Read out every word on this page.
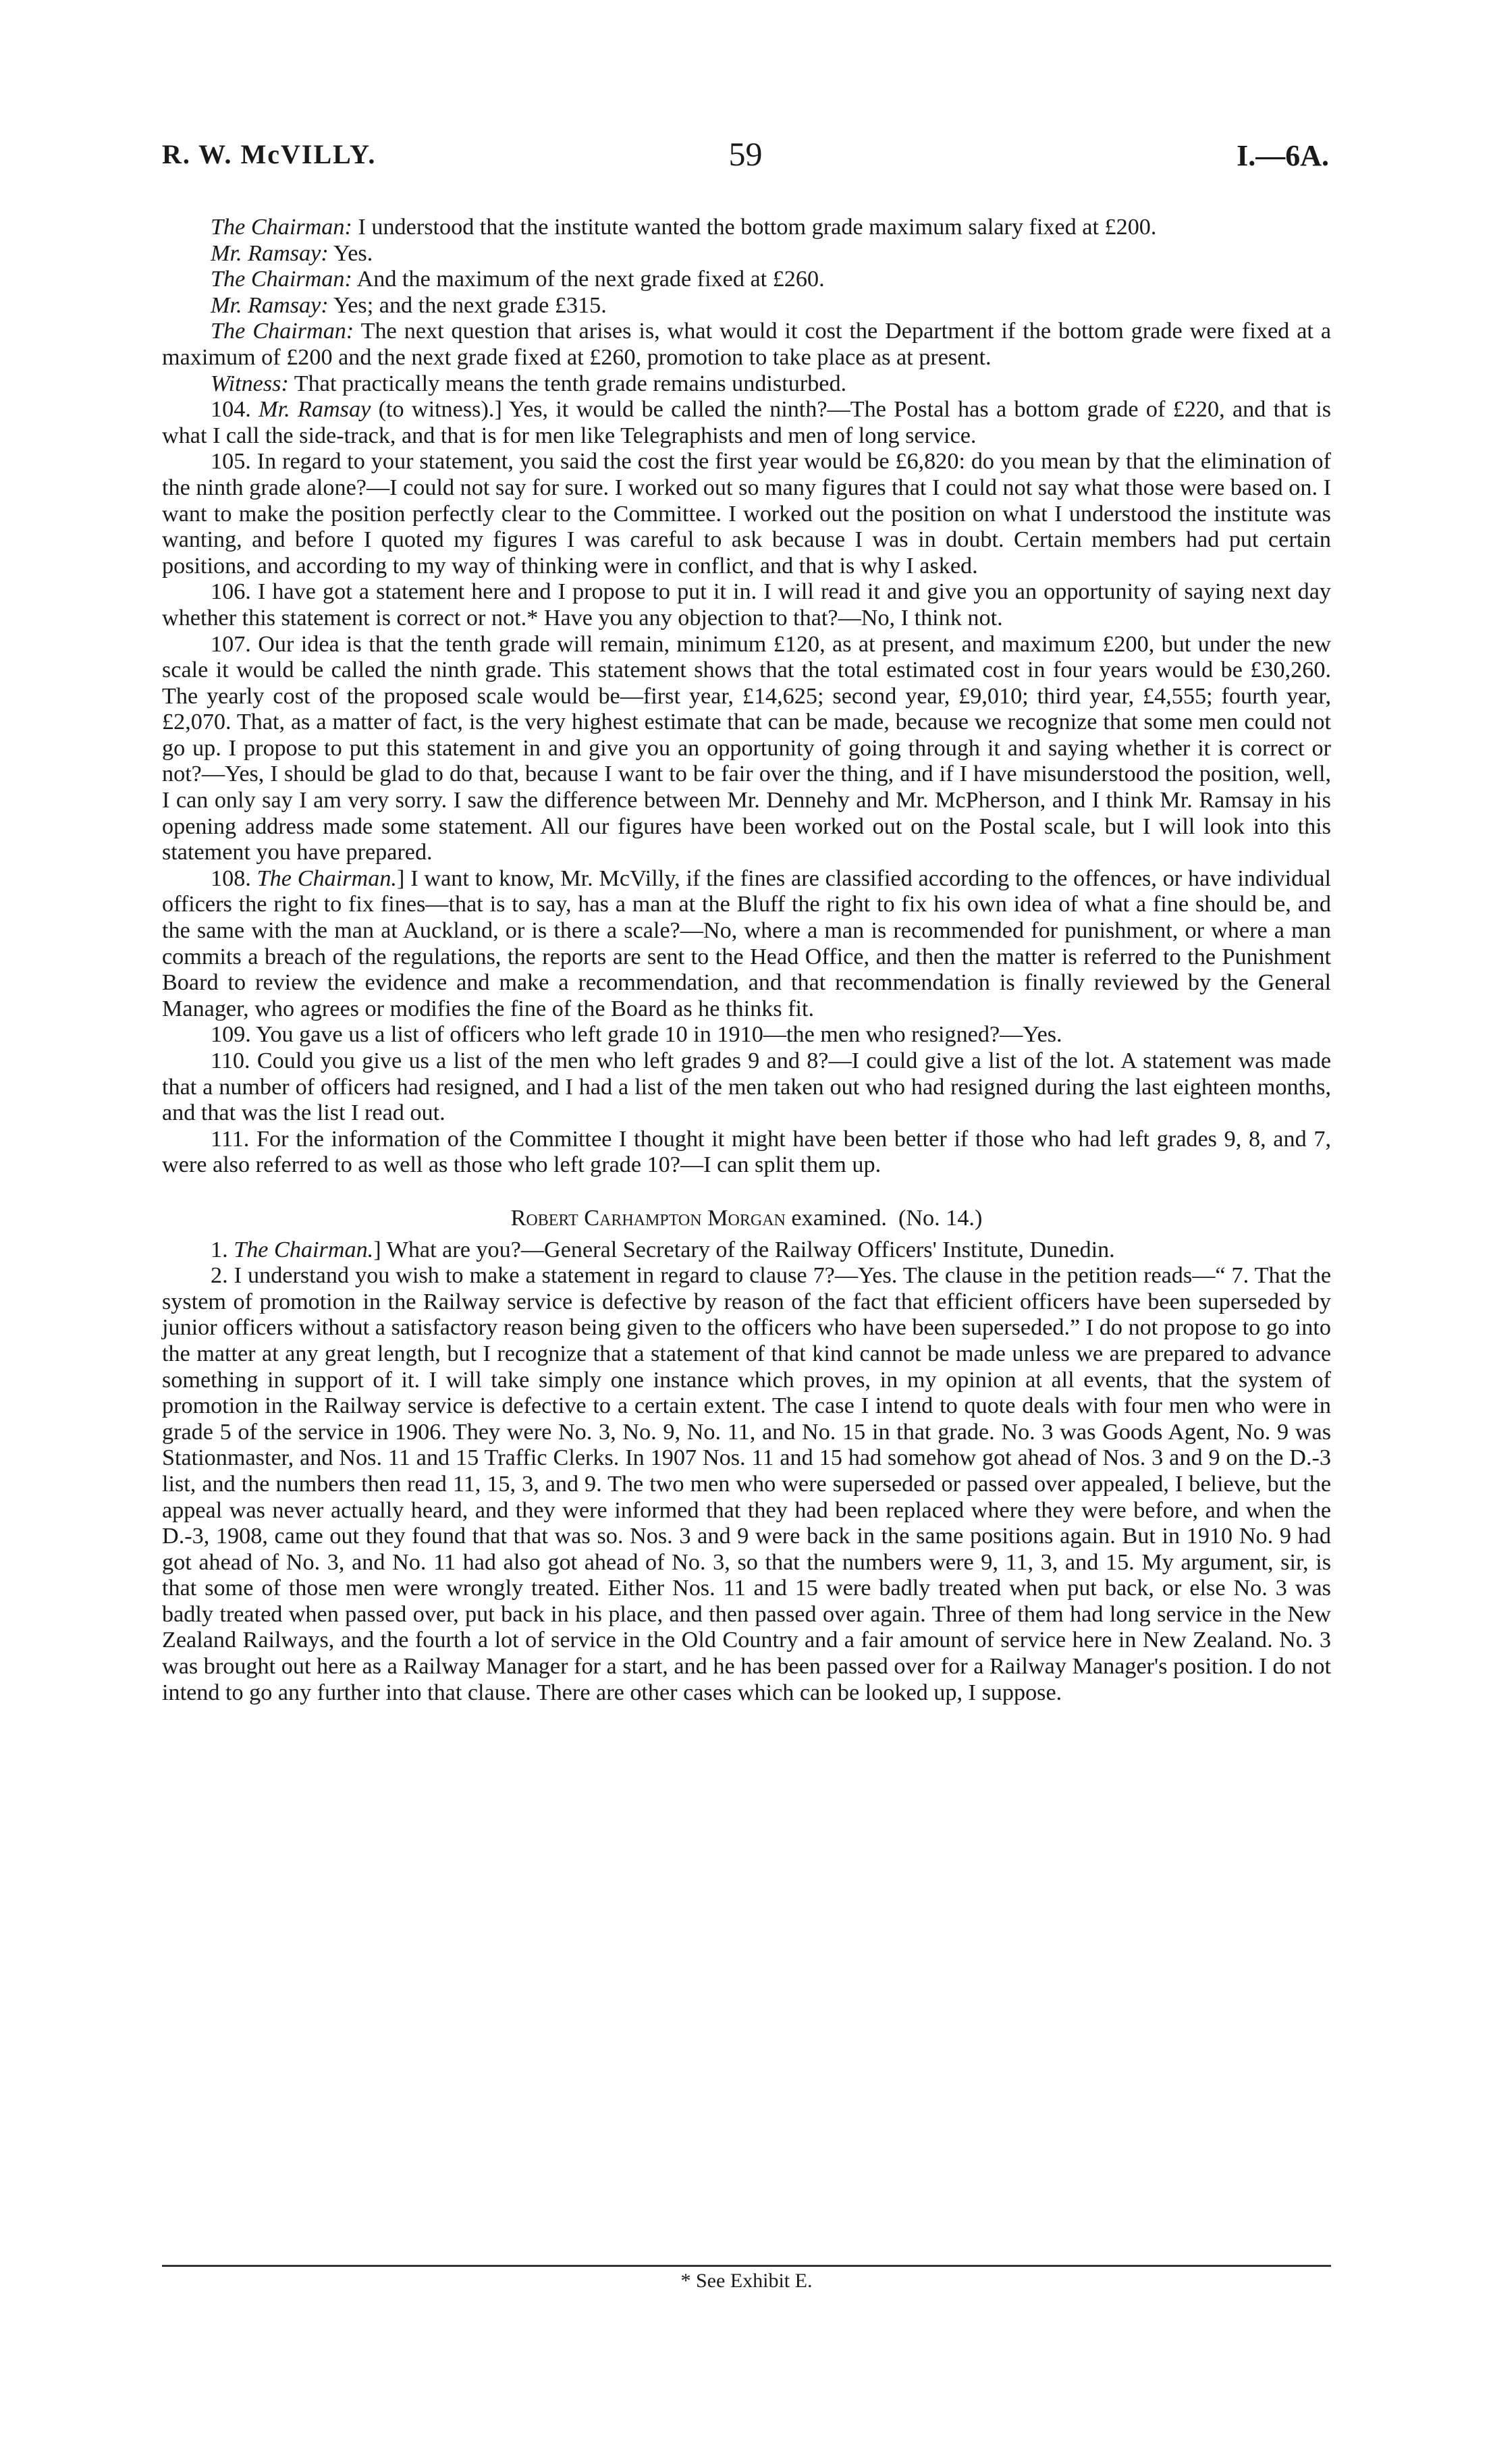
R. W. McVILLY.	59	I.—6A.

The Chairman: I understood that the institute wanted the bottom grade maximum salary fixed at £200.

Mr. Ramsay: Yes.

The Chairman: And the maximum of the next grade fixed at £260.

Mr. Ramsay: Yes; and the next grade £315.

The Chairman: The next question that arises is, what would it cost the Department if the bottom grade were fixed at a maximum of £200 and the next grade fixed at £260, promotion to take place as at present.

Witness: That practically means the tenth grade remains undisturbed.

104. Mr. Ramsay (to witness).] Yes, it would be called the ninth?—The Postal has a bottom grade of £220, and that is what I call the side-track, and that is for men like Telegraphists and men of long service.

105. In regard to your statement, you said the cost the first year would be £6,820: do you mean by that the elimination of the ninth grade alone?—I could not say for sure. I worked out so many figures that I could not say what those were based on. I want to make the position perfectly clear to the Committee. I worked out the position on what I understood the institute was wanting, and before I quoted my figures I was careful to ask because I was in doubt. Certain members had put certain positions, and according to my way of thinking were in conflict, and that is why I asked.

106. I have got a statement here and I propose to put it in. I will read it and give you an opportunity of saying next day whether this statement is correct or not.* Have you any objection to that?—No, I think not.

107. Our idea is that the tenth grade will remain, minimum £120, as at present, and maximum £200, but under the new scale it would be called the ninth grade. This statement shows that the total estimated cost in four years would be £30,260. The yearly cost of the proposed scale would be—first year, £14,625; second year, £9,010; third year, £4,555; fourth year, £2,070. That, as a matter of fact, is the very highest estimate that can be made, because we recognize that some men could not go up. I propose to put this statement in and give you an opportunity of going through it and saying whether it is correct or not?—Yes, I should be glad to do that, because I want to be fair over the thing, and if I have misunderstood the position, well, I can only say I am very sorry. I saw the difference between Mr. Dennehy and Mr. McPherson, and I think Mr. Ramsay in his opening address made some statement. All our figures have been worked out on the Postal scale, but I will look into this statement you have prepared.

108. The Chairman.] I want to know, Mr. McVilly, if the fines are classified according to the offences, or have individual officers the right to fix fines—that is to say, has a man at the Bluff the right to fix his own idea of what a fine should be, and the same with the man at Auckland, or is there a scale?—No, where a man is recommended for punishment, or where a man commits a breach of the regulations, the reports are sent to the Head Office, and then the matter is referred to the Punishment Board to review the evidence and make a recommendation, and that recommendation is finally reviewed by the General Manager, who agrees or modifies the fine of the Board as he thinks fit.

109. You gave us a list of officers who left grade 10 in 1910—the men who resigned?—Yes.

110. Could you give us a list of the men who left grades 9 and 8?—I could give a list of the lot. A statement was made that a number of officers had resigned, and I had a list of the men taken out who had resigned during the last eighteen months, and that was the list I read out.

111. For the information of the Committee I thought it might have been better if those who had left grades 9, 8, and 7, were also referred to as well as those who left grade 10?—I can split them up.

Robert Carhampton Morgan examined. (No. 14.)

1. The Chairman.] What are you?—General Secretary of the Railway Officers' Institute, Dunedin.

2. I understand you wish to make a statement in regard to clause 7?—Yes. The clause in the petition reads—“ 7. That the system of promotion in the Railway service is defective by reason of the fact that efficient officers have been superseded by junior officers without a satisfactory reason being given to the officers who have been superseded.” I do not propose to go into the matter at any great length, but I recognize that a statement of that kind cannot be made unless we are prepared to advance something in support of it. I will take simply one instance which proves, in my opinion at all events, that the system of promotion in the Railway service is defective to a certain extent. The case I intend to quote deals with four men who were in grade 5 of the service in 1906. They were No. 3, No. 9, No. 11, and No. 15 in that grade. No. 3 was Goods Agent, No. 9 was Stationmaster, and Nos. 11 and 15 Traffic Clerks. In 1907 Nos. 11 and 15 had somehow got ahead of Nos. 3 and 9 on the D.-3 list, and the numbers then read 11, 15, 3, and 9. The two men who were superseded or passed over appealed, I believe, but the appeal was never actually heard, and they were informed that they had been replaced where they were before, and when the D.-3, 1908, came out they found that that was so. Nos. 3 and 9 were back in the same positions again. But in 1910 No. 9 had got ahead of No. 3, and No. 11 had also got ahead of No. 3, so that the numbers were 9, 11, 3, and 15. My argument, sir, is that some of those men were wrongly treated. Either Nos. 11 and 15 were badly treated when put back, or else No. 3 was badly treated when passed over, put back in his place, and then passed over again. Three of them had long service in the New Zealand Railways, and the fourth a lot of service in the Old Country and a fair amount of service here in New Zealand. No. 3 was brought out here as a Railway Manager for a start, and he has been passed over for a Railway Manager's position. I do not intend to go any further into that clause. There are other cases which can be looked up, I suppose.

* See Exhibit E.
